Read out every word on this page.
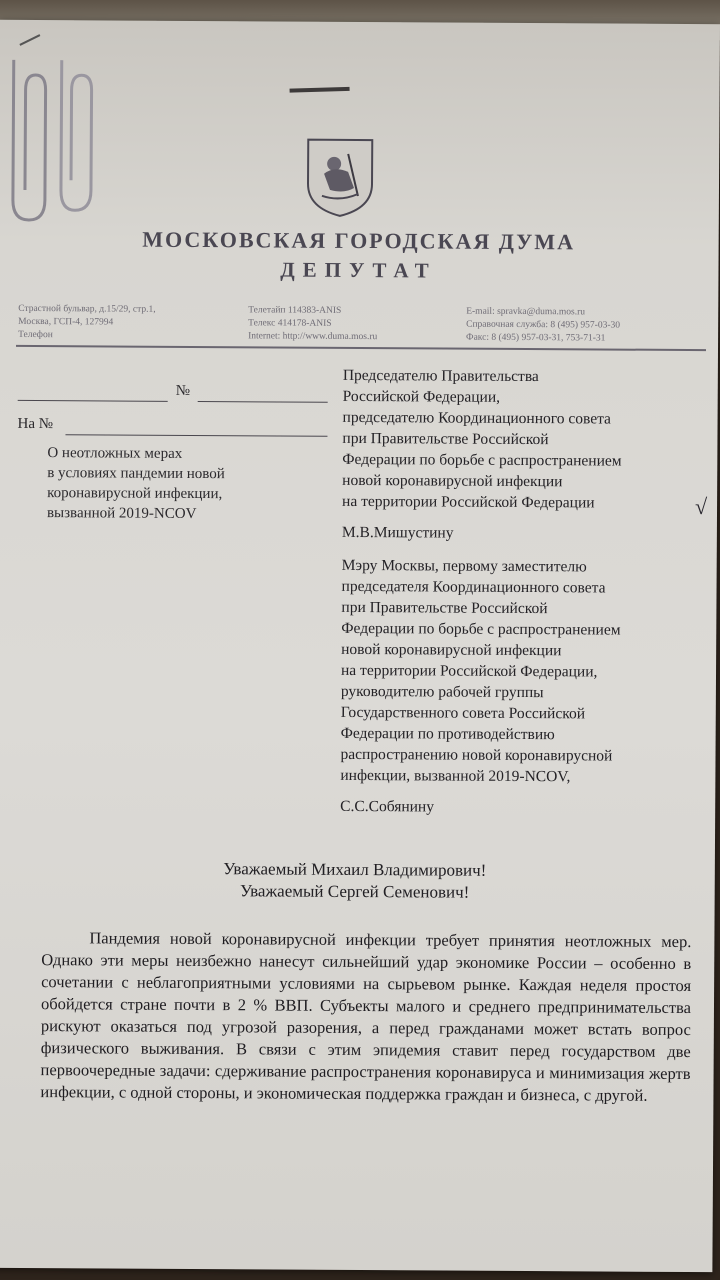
МОСКОВСКАЯ ГОРОДСКАЯ ДУМА
ДЕПУТАТ
Страстной бульвар, д.15/29, стр.1,
Москва, ГСП-4, 127994
Телефон
Телетайп 114383-ANIS
Телекс 414178-ANIS
Internet: http://www.duma.mos.ru
E-mail: spravka@duma.mos.ru
Справочная служба: 8 (495) 957-03-30
Факс: 8 (495) 957-03-31, 753-71-31
№
На №
О неотложных мерах
в условиях пандемии новой
коронавирусной инфекции,
вызванной 2019-NCOV
Председателю Правительства
Российской Федерации,
председателю Координационного совета
при Правительстве Российской
Федерации по борьбе с распространением
новой коронавирусной инфекции
на территории Российской Федерации
М.В.Мишустину
√
Мэру Москвы, первому заместителю
председателя Координационного совета
при Правительстве Российской
Федерации по борьбе с распространением
новой коронавирусной инфекции
на территории Российской Федерации,
руководителю рабочей группы
Государственного совета Российской
Федерации по противодействию
распространению новой коронавирусной
инфекции, вызванной 2019-NCOV,
С.С.Собянину
Уважаемый Михаил Владимирович!
Уважаемый Сергей Семенович!
Пандемия новой коронавирусной инфекции требует принятия неотложных мер. Однако эти меры неизбежно нанесут сильнейший удар экономике России – особенно в сочетании с неблагоприятными условиями на сырьевом рынке. Каждая неделя простоя обойдется стране почти в 2 % ВВП. Субъекты малого и среднего предпринимательства рискуют оказаться под угрозой разорения, а перед гражданами может встать вопрос физического выживания. В связи с этим эпидемия ставит перед государством две первоочередные задачи: сдерживание распространения коронавируса и минимизация жертв инфекции, с одной стороны, и экономическая поддержка граждан и бизнеса, с другой.
